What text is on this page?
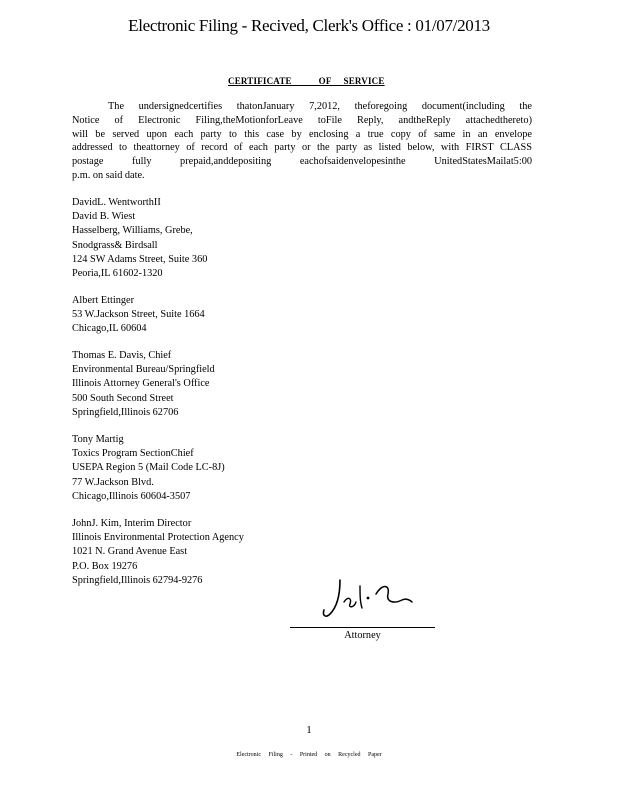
Electronic Filing - Recived, Clerk's Office : 01/07/2013
CERTIFICATE           OF     SERVICE
The undersignedcertifies thatonJanuary 7,2012, theforegoing document(including the
Notice of Electronic Filing,theMotionforLeave toFile Reply, andtheReply attachedthereto)
will be served upon each party to this case by enclosing a true copy of same in an envelope
addressed to theattorney of record of each party or the party as listed below, with FIRST CLASS
postage fully prepaid,anddepositing eachofsaidenvelopesinthe UnitedStatesMailat5:00
p.m. on said date.
DavidL. WentworthII
David B. Wiest
Hasselberg, Williams, Grebe,
Snodgrass& Birdsall
124 SW Adams Street, Suite 360
Peoria,IL 61602-1320
Albert Ettinger
53 W.Jackson Street, Suite 1664
Chicago,IL 60604
Thomas E. Davis, Chief
Environmental Bureau/Springfield
Illinois Attorney General's Office
500 South Second Street
Springfield,Illinois 62706
Tony Martig
Toxics Program SectionChief
USEPA Region 5 (Mail Code LC-8J)
77 W.Jackson Blvd.
Chicago,Illinois 60604-3507
JohnJ. Kim, Interim Director
Illinois Environmental Protection Agency
1021 N. Grand Avenue East
P.O. Box 19276
Springfield,Illinois 62794-9276
Attorney
1
Electronic Filing - Printed on Recycled Paper
